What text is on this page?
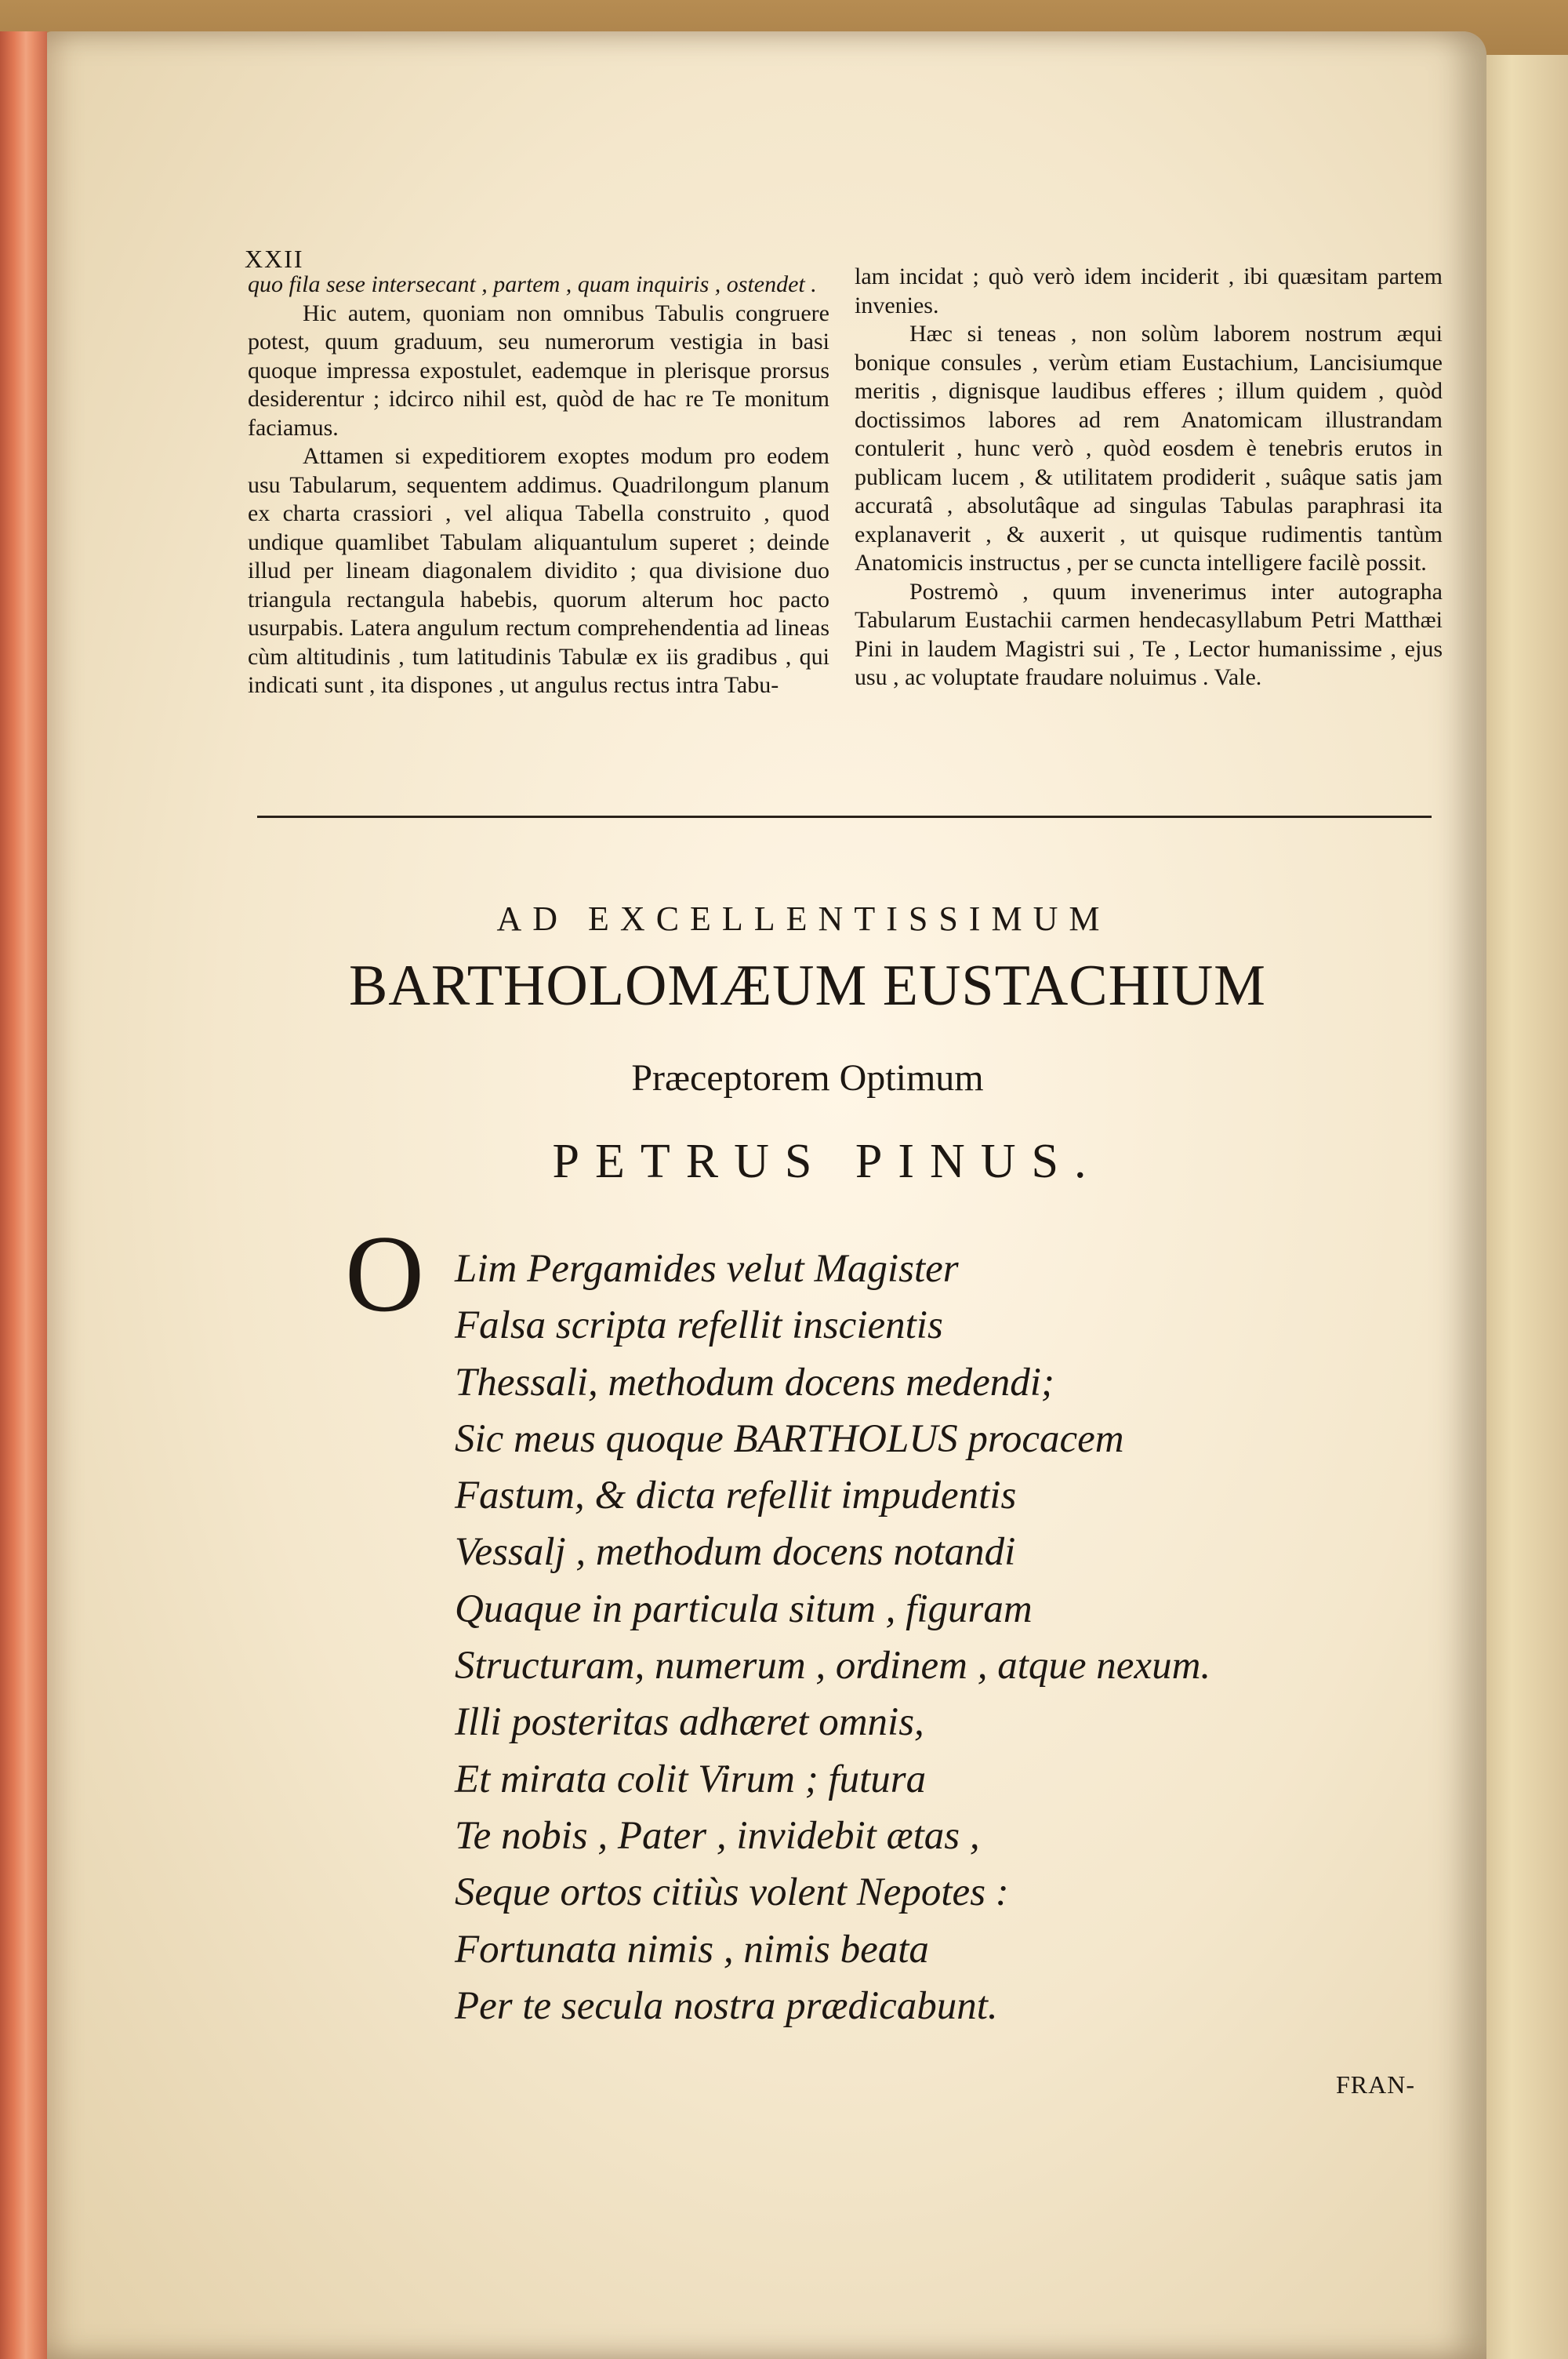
XXII

quo fila sese intersecant , partem , quam inquiris , ostendet .

Hic autem, quoniam non omnibus Tabulis congruere potest, quum graduum, seu numerorum vestigia in basi quoque impressa expostulet, eademque in plerisque prorsus desiderentur ; idcirco nihil est, quòd de hac re Te monitum faciamus.

Attamen si expeditiorem exoptes modum pro eodem usu Tabularum, sequentem addimus. Quadrilongum planum ex charta crassiori , vel aliqua Tabella construito , quod undique quamlibet Tabulam aliquantulum superet ; deinde illud per lineam diagonalem dividito ; qua divisione duo triangula rectangula habebis, quorum alterum hoc pacto usurpabis. Latera angulum rectum comprehendentia ad lineas cùm altitudinis , tum latitudinis Tabulæ ex iis gradibus , qui indicati sunt , ita dispones , ut angulus rectus intra Tabu-

lam incidat ; quò verò idem inciderit , ibi quæsitam partem invenies.

Hæc si teneas , non solùm laborem nostrum æqui bonique consules , verùm etiam Eustachium, Lancisiumque meritis , dignisque laudibus efferes ; illum quidem , quòd doctissimos labores ad rem Anatomicam illustrandam contulerit , hunc verò , quòd eosdem è tenebris erutos in publicam lucem , & utilitatem prodiderit , suâque satis jam accuratâ , absolutâque ad singulas Tabulas paraphrasi ita explanaverit , & auxerit , ut quisque rudimentis tantùm Anatomicis instructus , per se cuncta intelligere facilè possit.

Postremò , quum invenerimus inter autographa Tabularum Eustachii carmen hendecasyllabum Petri Matthæi Pini in laudem Magistri sui , Te , Lector humanissime , ejus usu , ac voluptate fraudare noluimus . Vale.

AD EXCELLENTISSIMUM
BARTHOLOMÆUM EUSTACHIUM
Præceptorem Optimum
PETRUS PINUS.
O Lim Pergamides velut Magister
Falsa scripta refellit inscientis
Thessali, methodum docens medendi;
Sic meus quoque BARTHOLUS procacem
Fastum, & dicta refellit impudentis
Vessalj , methodum docens notandi
Quaque in particula situm , figuram
Structuram, numerum , ordinem , atque nexum.
Illi posteritas adhæret omnis,
Et mirata colit Virum ; futura
Te nobis , Pater , invidebit ætas ,
Seque ortos citiùs volent Nepotes :
Fortunata nimis , nimis beata
Per te secula nostra prædicabunt.
FRAN-
